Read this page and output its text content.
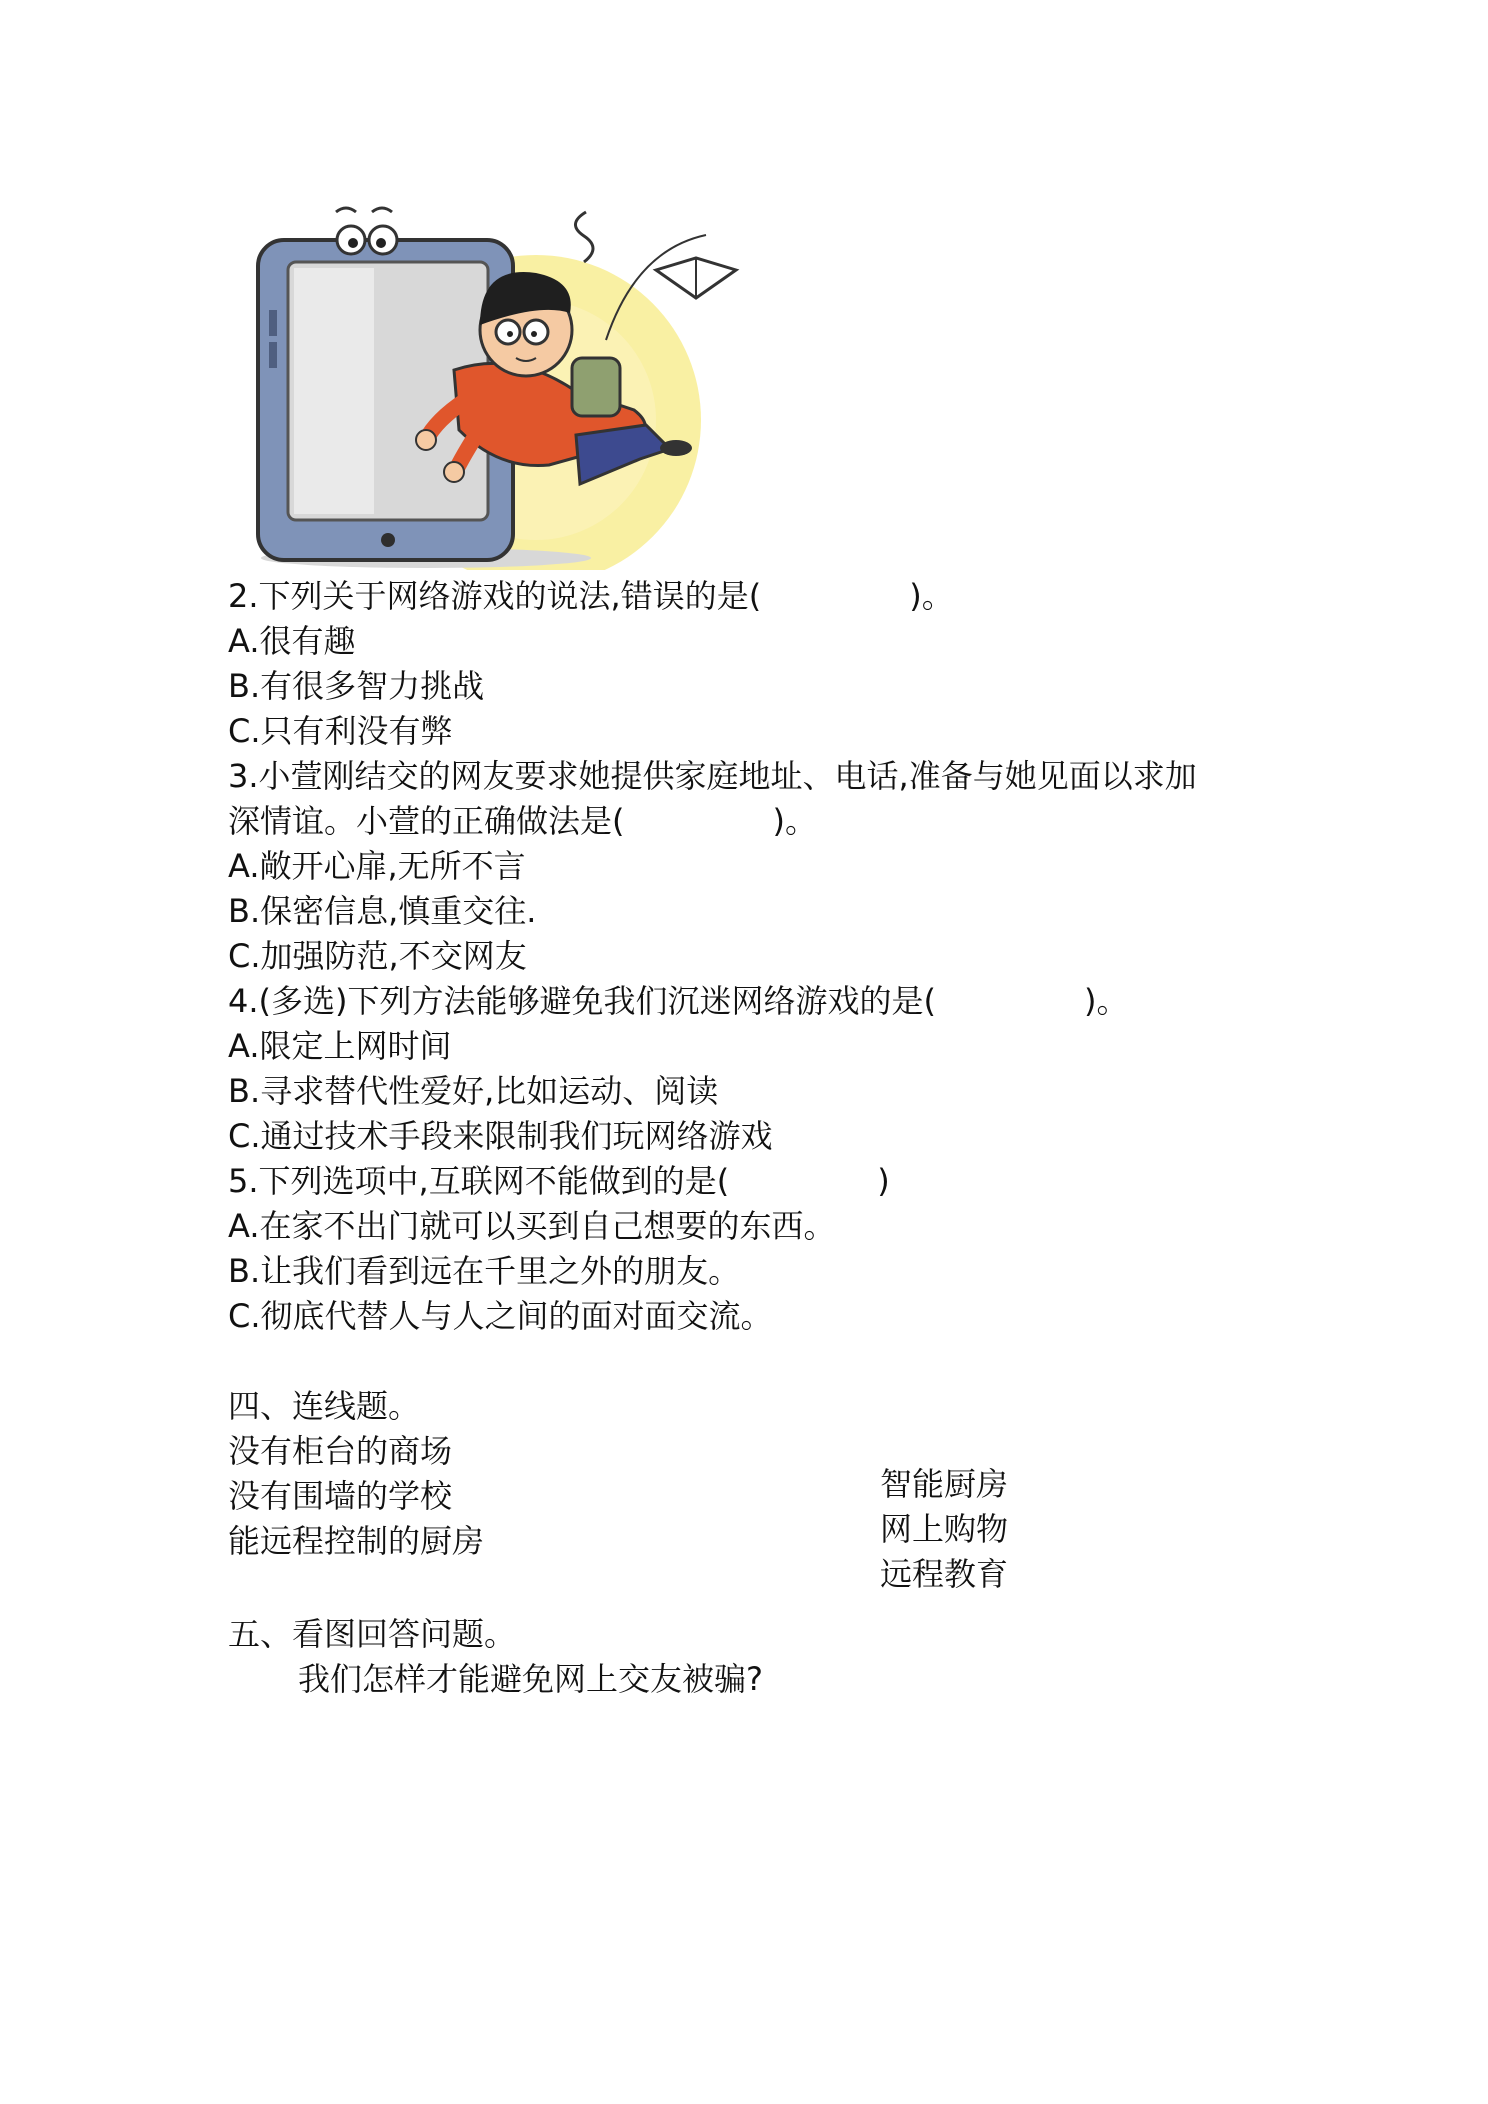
2.下列关于网络游戏的说法,错误的是(	)。
A.很有趣
B.有很多智力挑战
C.只有利没有弊
3.小萱刚结交的网友要求她提供家庭地址、电话,准备与她见面以求加
深情谊。小萱的正确做法是(	)。
A.敞开心扉,无所不言
B.保密信息,慎重交往.
C.加强防范,不交网友
4.(多选)下列方法能够避免我们沉迷网络游戏的是(	)。
A.限定上网时间
B.寻求替代性爱好,比如运动、阅读
C.通过技术手段来限制我们玩网络游戏
5.下列选项中,互联网不能做到的是(	)
A.在家不出门就可以买到自己想要的东西。
B.让我们看到远在千里之外的朋友。
C.彻底代替人与人之间的面对面交流。
四、连线题。
没有柜台的商场
没有围墙的学校
能远程控制的厨房
智能厨房
网上购物
远程教育
五、看图回答问题。
我们怎样才能避免网上交友被骗?
